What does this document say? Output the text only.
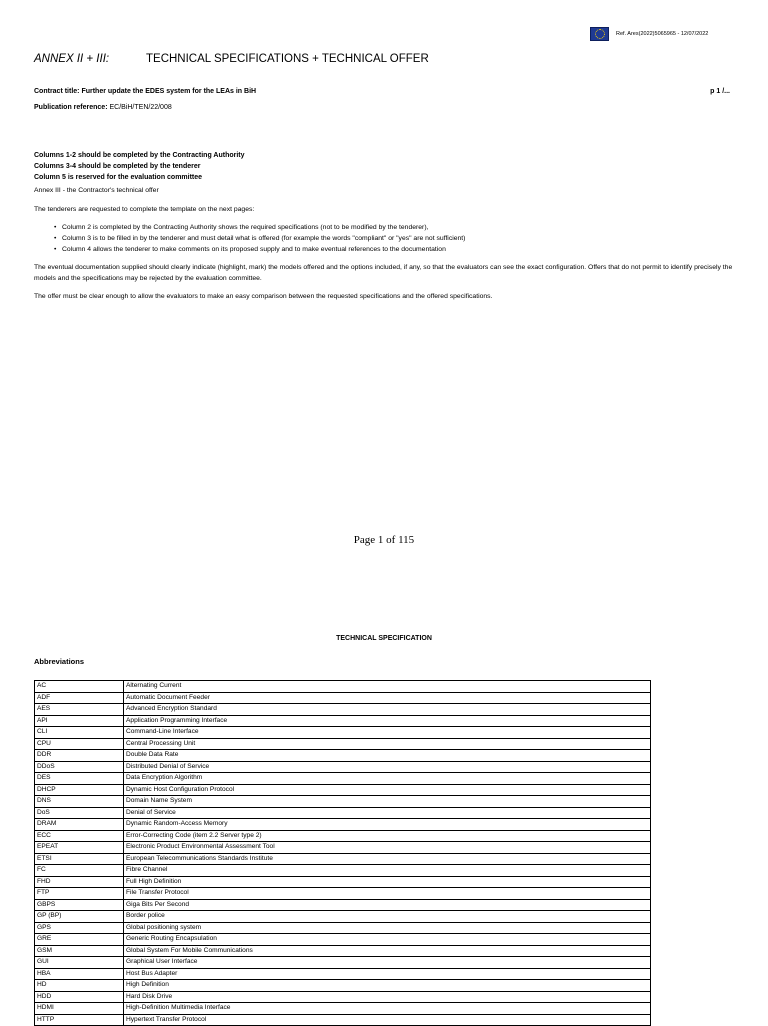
Ref. Ares(2022)5065965 - 12/07/2022
ANNEX II + III:	TECHNICAL SPECIFICATIONS + TECHNICAL OFFER
Contract title: Further update the EDES system for the LEAs in BiH	p 1 /...
Publication reference: EC/BiH/TEN/22/008
Columns 1-2 should be completed by the Contracting Authority
Columns 3-4 should be completed by the tenderer
Column 5 is reserved for the evaluation committee
Annex III - the Contractor's technical offer
The tenderers are requested to complete the template on the next pages:
• Column 2 is completed by the Contracting Authority shows the required specifications (not to be modified by the tenderer),
• Column 3 is to be filled in by the tenderer and must detail what is offered (for example the words "compliant" or "yes" are not sufficient)
• Column 4 allows the tenderer to make comments on its proposed supply and to make eventual references to the documentation
The eventual documentation supplied should clearly indicate (highlight, mark) the models offered and the options included, if any, so that the evaluators can see the exact configuration. Offers that do not permit to identify precisely the models and the specifications may be rejected by the evaluation committee.
The offer must be clear enough to allow the evaluators to make an easy comparison between the requested specifications and the offered specifications.
Page 1 of 115
TECHNICAL SPECIFICATION
Abbreviations
AC	Alternating Current
ADF	Automatic Document Feeder
AES	Advanced Encryption Standard
API	Application Programming Interface
CLI	Command-Line Interface
CPU	Central Processing Unit
DDR	Double Data Rate
DDoS	Distributed Denial of Service
DES	Data Encryption Algorithm
DHCP	Dynamic Host Configuration Protocol
DNS	Domain Name System
DoS	Denial of Service
DRAM	Dynamic Random-Access Memory
ECC	Error-Correcting Code (item 2.2 Server type 2)
EPEAT	Electronic Product Environmental Assessment Tool
ETSI	European Telecommunications Standards Institute
FC	Fibre Channel
FHD	Full High Definition
FTP	File Transfer Protocol
GBPS	Giga Bits Per Second
GP (BP)	Border police
GPS	Global positioning system
GRE	Generic Routing Encapsulation
GSM	Global System For Mobile Communications
GUI	Graphical User Interface
HBA	Host Bus Adapter
HD	High Definition
HDD	Hard Disk Drive
HDMI	High-Definition Multimedia Interface
HTTP	Hypertext Transfer Protocol
